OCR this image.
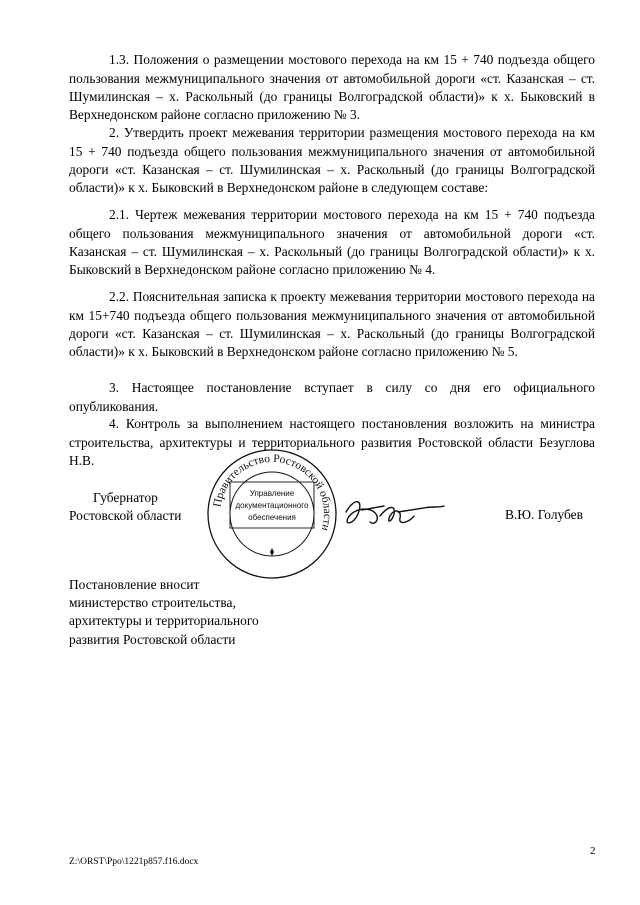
1.3. Положения о размещении мостового перехода на км 15 + 740 подъезда общего пользования межмуниципального значения от автомобильной дороги «ст. Казанская – ст. Шумилинская – х. Раскольный (до границы Волгоградской области)» к х. Быковский в Верхнедонском районе согласно приложению № 3.

2. Утвердить проект межевания территории размещения мостового перехода на км 15 + 740 подъезда общего пользования межмуниципального значения от автомобильной дороги «ст. Казанская – ст. Шумилинская – х. Раскольный (до границы Волгоградской области)» к х. Быковский в Верхнедонском районе в следующем составе:

2.1. Чертеж межевания территории мостового перехода на км 15 + 740 подъезда общего пользования межмуниципального значения от автомобильной дороги «ст. Казанская – ст. Шумилинская – х. Раскольный (до границы Волгоградской области)» к х. Быковский в Верхнедонском районе согласно приложению № 4.

2.2. Пояснительная записка к проекту межевания территории мостового перехода на км 15+740 подъезда общего пользования межмуниципального значения от автомобильной дороги «ст. Казанская – ст. Шумилинская – х. Раскольный (до границы Волгоградской области)» к х. Быковский в Верхнедонском районе согласно приложению № 5.

3. Настоящее постановление вступает в силу со дня его официального опубликования.

4. Контроль за выполнением настоящего постановления возложить на министра строительства, архитектуры и территориального развития Ростовской области Безуглова Н.В.

Губернатор
Ростовской области
Правительство Ростовской области
Управление
документационного
обеспечения	В.Ю. Голубев
Постановление вносит
министерство строительства,
архитектуры и территориального
развития Ростовской области
2
Z:\ORST\Ppo\1221p857.f16.docx
